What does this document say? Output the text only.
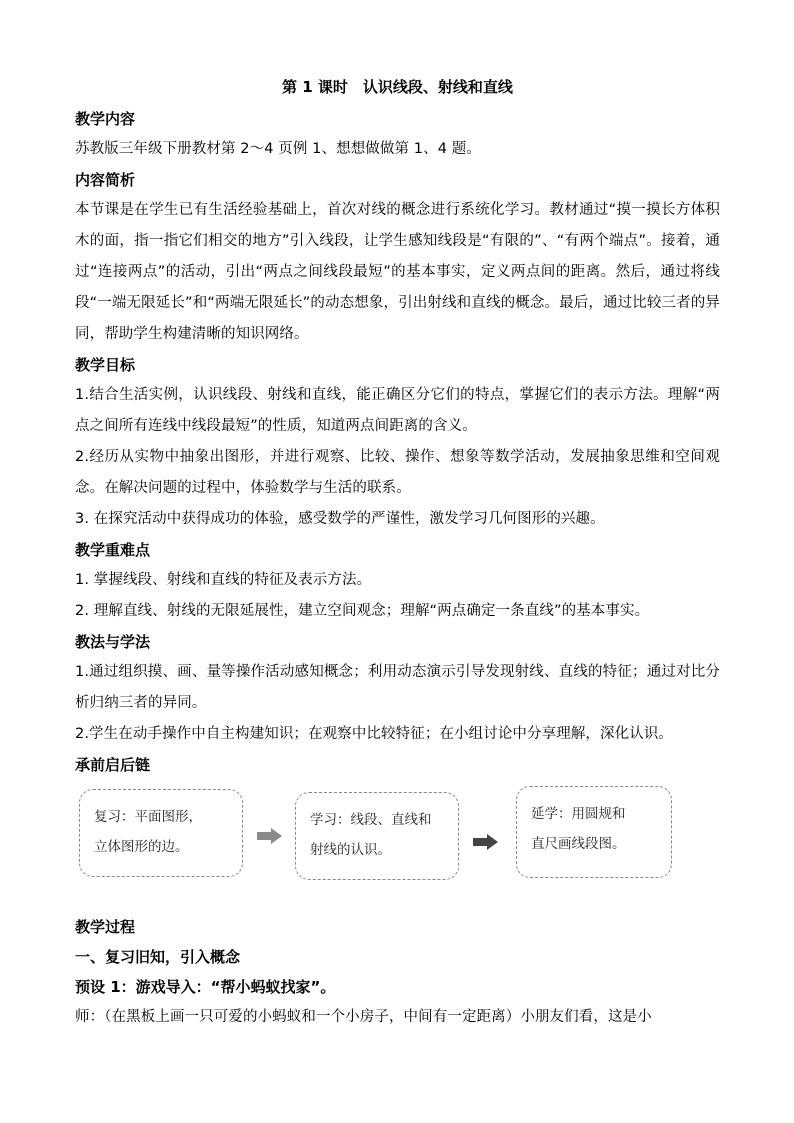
第 1 课时　认识线段、射线和直线
教学内容
苏教版三年级下册教材第 2～4 页例 1、想想做做第 1、4 题。
内容简析
本节课是在学生已有生活经验基础上，首次对线的概念进行系统化学习。教材通过“摸一摸长方体积木的面，指一指它们相交的地方”引入线段，让学生感知线段是“有限的”、“有两个端点”。接着，通过“连接两点”的活动，引出“两点之间线段最短”的基本事实，定义两点间的距离。然后，通过将线段“一端无限延长”和“两端无限延长”的动态想象，引出射线和直线的概念。最后，通过比较三者的异同，帮助学生构建清晰的知识网络。
教学目标
1.结合生活实例，认识线段、射线和直线，能正确区分它们的特点，掌握它们的表示方法。理解“两点之间所有连线中线段最短”的性质，知道两点间距离的含义。
2.经历从实物中抽象出图形，并进行观察、比较、操作、想象等数学活动，发展抽象思维和空间观念。在解决问题的过程中，体验数学与生活的联系。
3. 在探究活动中获得成功的体验，感受数学的严谨性，激发学习几何图形的兴趣。
教学重难点
1. 掌握线段、射线和直线的特征及表示方法。
2. 理解直线、射线的无限延展性，建立空间观念；理解“两点确定一条直线”的基本事实。
教法与学法
1.通过组织摸、画、量等操作活动感知概念；利用动态演示引导发现射线、直线的特征；通过对比分析归纳三者的异同。
2.学生在动手操作中自主构建知识；在观察中比较特征；在小组讨论中分享理解，深化认识。
承前启后链
复习：平面图形，
立体图形的边。
学习：线段、直线和
射线的认识。
延学：用圆规和
直尺画线段图。
教学过程
一、复习旧知，引入概念
预设 1：游戏导入：“帮小蚂蚁找家”。
师：（在黑板上画一只可爱的小蚂蚁和一个小房子，中间有一定距离）小朋友们看，这是小
